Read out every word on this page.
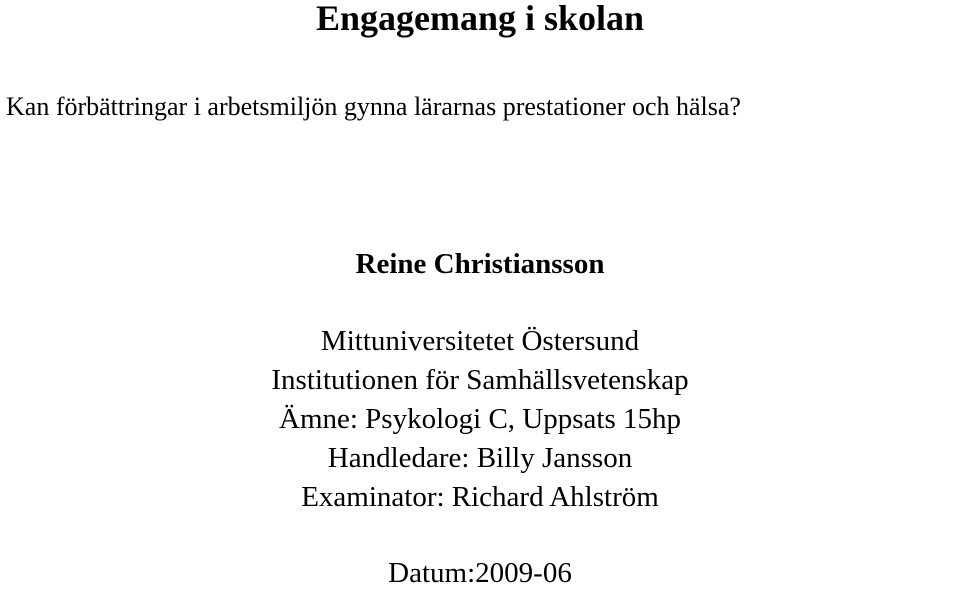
Engagemang i skolan

Kan förbättringar i arbetsmiljön gynna lärarnas prestationer och hälsa?

Reine Christiansson

Mittuniversitetet Östersund
Institutionen för Samhällsvetenskap
Ämne: Psykologi C, Uppsats 15hp
Handledare: Billy Jansson
Examinator: Richard Ahlström

Datum:2009-06
